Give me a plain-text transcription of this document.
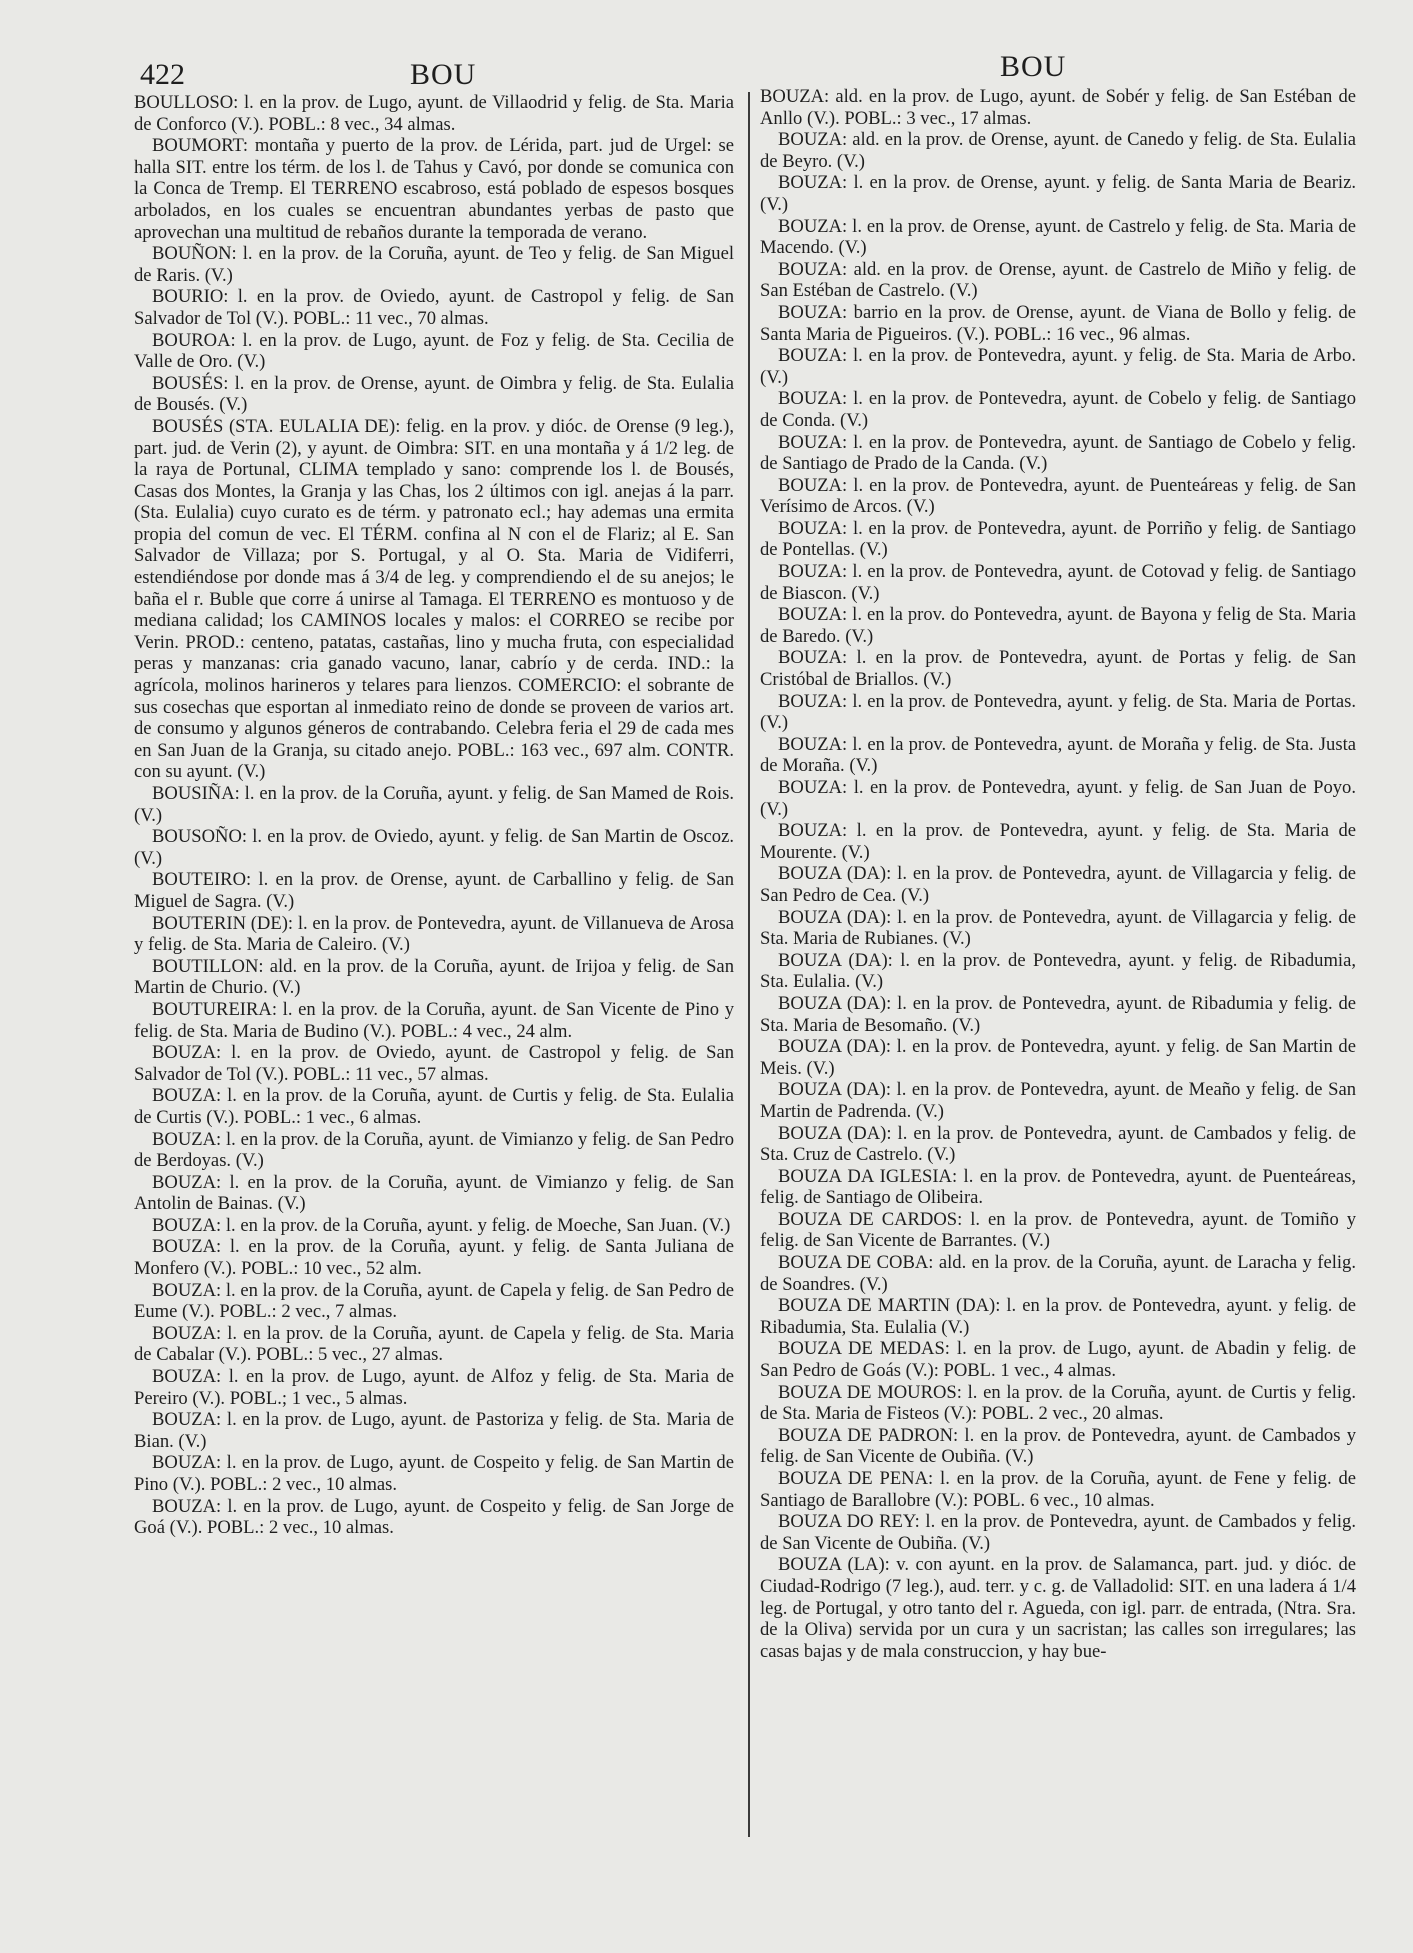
422	BOU	BOU

BOULLOSO: l. en la prov. de Lugo, ayunt. de Villaodrid y felig. de Sta. Maria de Conforco (V.). POBL.: 8 vec., 34 almas.

BOUMORT: montaña y puerto de la prov. de Lérida, part. jud de Urgel: se halla SIT. entre los térm. de los l. de Tahus y Cavó, por donde se comunica con la Conca de Tremp. El TERRENO escabroso, está poblado de espesos bosques arbolados, en los cuales se encuentran abundantes yerbas de pasto que aprovechan una multitud de rebaños durante la temporada de verano.

BOUÑON: l. en la prov. de la Coruña, ayunt. de Teo y felig. de San Miguel de Raris. (V.)

BOURIO: l. en la prov. de Oviedo, ayunt. de Castropol y felig. de San Salvador de Tol (V.). POBL.: 11 vec., 70 almas.

BOUROA: l. en la prov. de Lugo, ayunt. de Foz y felig. de Sta. Cecilia de Valle de Oro. (V.)

BOUSÉS: l. en la prov. de Orense, ayunt. de Oimbra y felig. de Sta. Eulalia de Bousés. (V.)

BOUSÉS (STA. EULALIA DE): felig. en la prov. y dióc. de Orense (9 leg.), part. jud. de Verin (2), y ayunt. de Oimbra: SIT. en una montaña y á 1/2 leg. de la raya de Portunal, CLIMA templado y sano: comprende los l. de Bousés, Casas dos Montes, la Granja y las Chas, los 2 últimos con igl. anejas á la parr. (Sta. Eulalia) cuyo curato es de térm. y patronato ecl.; hay ademas una ermita propia del comun de vec. El TÉRM. confina al N con el de Flariz; al E. San Salvador de Villaza; por S. Portugal, y al O. Sta. Maria de Vidiferri, estendiéndose por donde mas á 3/4 de leg. y comprendiendo el de su anejos; le baña el r. Buble que corre á unirse al Tamaga. El TERRENO es montuoso y de mediana calidad; los CAMINOS locales y malos: el CORREO se recibe por Verin. PROD.: centeno, patatas, castañas, lino y mucha fruta, con especialidad peras y manzanas: cria ganado vacuno, lanar, cabrío y de cerda. IND.: la agrícola, molinos harineros y telares para lienzos. COMERCIO: el sobrante de sus cosechas que esportan al inmediato reino de donde se proveen de varios art. de consumo y algunos géneros de contrabando. Celebra feria el 29 de cada mes en San Juan de la Granja, su citado anejo. POBL.: 163 vec., 697 alm. CONTR. con su ayunt. (V.)

BOUSIÑA: l. en la prov. de la Coruña, ayunt. y felig. de San Mamed de Rois. (V.)

BOUSOÑO: l. en la prov. de Oviedo, ayunt. y felig. de San Martin de Oscoz. (V.)

BOUTEIRO: l. en la prov. de Orense, ayunt. de Carballino y felig. de San Miguel de Sagra. (V.)

BOUTERIN (DE): l. en la prov. de Pontevedra, ayunt. de Villanueva de Arosa y felig. de Sta. Maria de Caleiro. (V.)

BOUTILLON: ald. en la prov. de la Coruña, ayunt. de Irijoa y felig. de San Martin de Churio. (V.)

BOUTUREIRA: l. en la prov. de la Coruña, ayunt. de San Vicente de Pino y felig. de Sta. Maria de Budino (V.). POBL.: 4 vec., 24 alm.

BOUZA: l. en la prov. de Oviedo, ayunt. de Castropol y felig. de San Salvador de Tol (V.). POBL.: 11 vec., 57 almas.

BOUZA: l. en la prov. de la Coruña, ayunt. de Curtis y felig. de Sta. Eulalia de Curtis (V.). POBL.: 1 vec., 6 almas.

BOUZA: l. en la prov. de la Coruña, ayunt. de Vimianzo y felig. de San Pedro de Berdoyas. (V.)

BOUZA: l. en la prov. de la Coruña, ayunt. de Vimianzo y felig. de San Antolin de Bainas. (V.)

BOUZA: l. en la prov. de la Coruña, ayunt. y felig. de Moeche, San Juan. (V.)

BOUZA: l. en la prov. de la Coruña, ayunt. y felig. de Santa Juliana de Monfero (V.). POBL.: 10 vec., 52 alm.

BOUZA: l. en la prov. de la Coruña, ayunt. de Capela y felig. de San Pedro de Eume (V.). POBL.: 2 vec., 7 almas.

BOUZA: l. en la prov. de la Coruña, ayunt. de Capela y felig. de Sta. Maria de Cabalar (V.). POBL.: 5 vec., 27 almas.

BOUZA: l. en la prov. de Lugo, ayunt. de Alfoz y felig. de Sta. Maria de Pereiro (V.). POBL.; 1 vec., 5 almas.

BOUZA: l. en la prov. de Lugo, ayunt. de Pastoriza y felig. de Sta. Maria de Bian. (V.)

BOUZA: l. en la prov. de Lugo, ayunt. de Cospeito y felig. de San Martin de Pino (V.). POBL.: 2 vec., 10 almas.

BOUZA: l. en la prov. de Lugo, ayunt. de Cospeito y felig. de San Jorge de Goá (V.). POBL.: 2 vec., 10 almas.

BOUZA: ald. en la prov. de Lugo, ayunt. de Sobér y felig. de San Estéban de Anllo (V.). POBL.: 3 vec., 17 almas.

BOUZA: ald. en la prov. de Orense, ayunt. de Canedo y felig. de Sta. Eulalia de Beyro. (V.)

BOUZA: l. en la prov. de Orense, ayunt. y felig. de Santa Maria de Beariz. (V.)

BOUZA: l. en la prov. de Orense, ayunt. de Castrelo y felig. de Sta. Maria de Macendo. (V.)

BOUZA: ald. en la prov. de Orense, ayunt. de Castrelo de Miño y felig. de San Estéban de Castrelo. (V.)

BOUZA: barrio en la prov. de Orense, ayunt. de Viana de Bollo y felig. de Santa Maria de Pigueiros. (V.). POBL.: 16 vec., 96 almas.

BOUZA: l. en la prov. de Pontevedra, ayunt. y felig. de Sta. Maria de Arbo. (V.)

BOUZA: l. en la prov. de Pontevedra, ayunt. de Cobelo y felig. de Santiago de Conda. (V.)

BOUZA: l. en la prov. de Pontevedra, ayunt. de Santiago de Cobelo y felig. de Santiago de Prado de la Canda. (V.)

BOUZA: l. en la prov. de Pontevedra, ayunt. de Puenteáreas y felig. de San Verísimo de Arcos. (V.)

BOUZA: l. en la prov. de Pontevedra, ayunt. de Porriño y felig. de Santiago de Pontellas. (V.)

BOUZA: l. en la prov. de Pontevedra, ayunt. de Cotovad y felig. de Santiago de Biascon. (V.)

BOUZA: l. en la prov. do Pontevedra, ayunt. de Bayona y felig de Sta. Maria de Baredo. (V.)

BOUZA: l. en la prov. de Pontevedra, ayunt. de Portas y felig. de San Cristóbal de Briallos. (V.)

BOUZA: l. en la prov. de Pontevedra, ayunt. y felig. de Sta. Maria de Portas. (V.)

BOUZA: l. en la prov. de Pontevedra, ayunt. de Moraña y felig. de Sta. Justa de Moraña. (V.)

BOUZA: l. en la prov. de Pontevedra, ayunt. y felig. de San Juan de Poyo. (V.)

BOUZA: l. en la prov. de Pontevedra, ayunt. y felig. de Sta. Maria de Mourente. (V.)

BOUZA (DA): l. en la prov. de Pontevedra, ayunt. de Villagarcia y felig. de San Pedro de Cea. (V.)

BOUZA (DA): l. en la prov. de Pontevedra, ayunt. de Villagarcia y felig. de Sta. Maria de Rubianes. (V.)

BOUZA (DA): l. en la prov. de Pontevedra, ayunt. y felig. de Ribadumia, Sta. Eulalia. (V.)

BOUZA (DA): l. en la prov. de Pontevedra, ayunt. de Ribadumia y felig. de Sta. Maria de Besomaño. (V.)

BOUZA (DA): l. en la prov. de Pontevedra, ayunt. y felig. de San Martin de Meis. (V.)

BOUZA (DA): l. en la prov. de Pontevedra, ayunt. de Meaño y felig. de San Martin de Padrenda. (V.)

BOUZA (DA): l. en la prov. de Pontevedra, ayunt. de Cambados y felig. de Sta. Cruz de Castrelo. (V.)

BOUZA DA IGLESIA: l. en la prov. de Pontevedra, ayunt. de Puenteáreas, felig. de Santiago de Olibeira.

BOUZA DE CARDOS: l. en la prov. de Pontevedra, ayunt. de Tomiño y felig. de San Vicente de Barrantes. (V.)

BOUZA DE COBA: ald. en la prov. de la Coruña, ayunt. de Laracha y felig. de Soandres. (V.)

BOUZA DE MARTIN (DA): l. en la prov. de Pontevedra, ayunt. y felig. de Ribadumia, Sta. Eulalia (V.)

BOUZA DE MEDAS: l. en la prov. de Lugo, ayunt. de Abadin y felig. de San Pedro de Goás (V.): POBL. 1 vec., 4 almas.

BOUZA DE MOUROS: l. en la prov. de la Coruña, ayunt. de Curtis y felig. de Sta. Maria de Fisteos (V.): POBL. 2 vec., 20 almas.

BOUZA DE PADRON: l. en la prov. de Pontevedra, ayunt. de Cambados y felig. de San Vicente de Oubiña. (V.)

BOUZA DE PENA: l. en la prov. de la Coruña, ayunt. de Fene y felig. de Santiago de Barallobre (V.): POBL. 6 vec., 10 almas.

BOUZA DO REY: l. en la prov. de Pontevedra, ayunt. de Cambados y felig. de San Vicente de Oubiña. (V.)

BOUZA (LA): v. con ayunt. en la prov. de Salamanca, part. jud. y dióc. de Ciudad-Rodrigo (7 leg.), aud. terr. y c. g. de Valladolid: SIT. en una ladera á 1/4 leg. de Portugal, y otro tanto del r. Agueda, con igl. parr. de entrada, (Ntra. Sra. de la Oliva) servida por un cura y un sacristan; las calles son irregulares; las casas bajas y de mala construccion, y hay bue-
